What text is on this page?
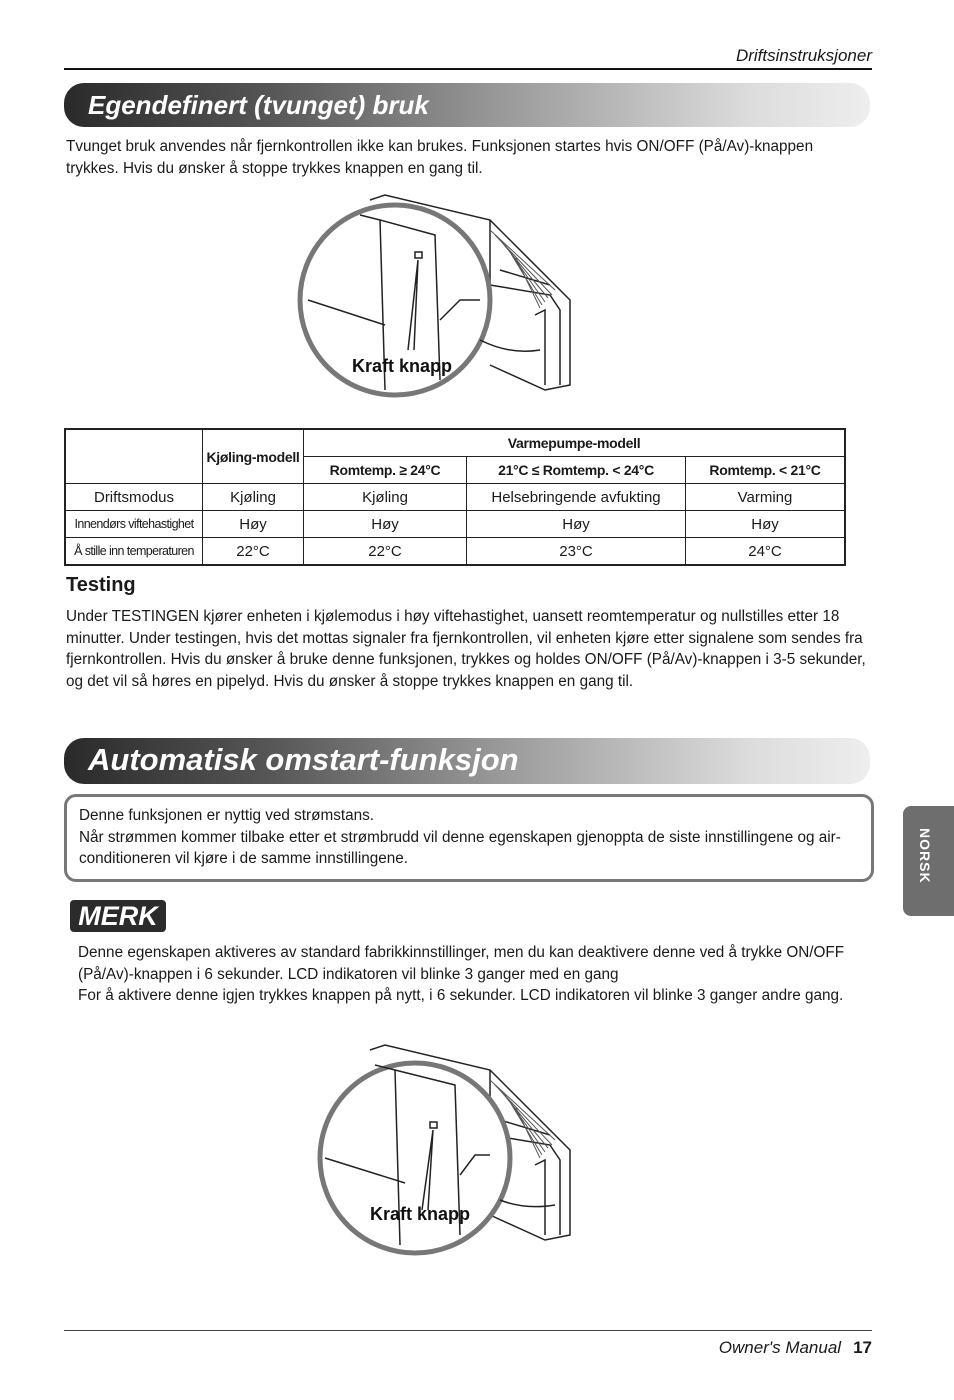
Driftsinstruksjoner
Egendefinert (tvunget) bruk

Tvunget bruk anvendes når fjernkontrollen ikke kan brukes. Funksjonen startes hvis ON/OFF (På/Av)-knappen trykkes. Hvis du ønsker å stoppe trykkes knappen en gang til.

Kraft knapp
	Kjøling-modell	Varmepumpe-modell		
		Romtemp. ≥ 24°C	21°C ≤ Romtemp. < 24°C	Romtemp. < 21°C
Driftsmodus	Kjøling	Kjøling	Helsebringende avfukting	Varming
Innendørs viftehastighet	Høy	Høy	Høy	Høy
Å stille inn temperaturen	22°C	22°C	23°C	24°C
Testing

Under TESTINGEN kjører enheten i kjølemodus i høy viftehastighet, uansett reomtemperatur og nullstilles etter 18 minutter. Under testingen, hvis det mottas signaler fra fjernkontrollen, vil enheten kjøre etter signalene som sendes fra fjernkontrollen. Hvis du ønsker å bruke denne funksjonen, trykkes og holdes ON/OFF (På/Av)-knappen i 3-5 sekunder, og det vil så høres en pipelyd. Hvis du ønsker å stoppe trykkes knappen en gang til.

Automatisk omstart-funksjon

Denne funksjonen er nyttig ved strømstans.
Når strømmen kommer tilbake etter et strømbrudd vil denne egenskapen gjenoppta de siste innstillingene og air-conditioneren vil kjøre i de samme innstillingene.

MERK

Denne egenskapen aktiveres av standard fabrikkinnstillinger, men du kan deaktivere denne ved å trykke ON/OFF (På/Av)-knappen i 6 sekunder. LCD indikatoren vil blinke 3 ganger med en gang
For å aktivere denne igjen trykkes knappen på nytt, i 6 sekunder. LCD indikatoren vil blinke 3 ganger andre gang.

Kraft knapp
NORSK
Owner's Manual 17
